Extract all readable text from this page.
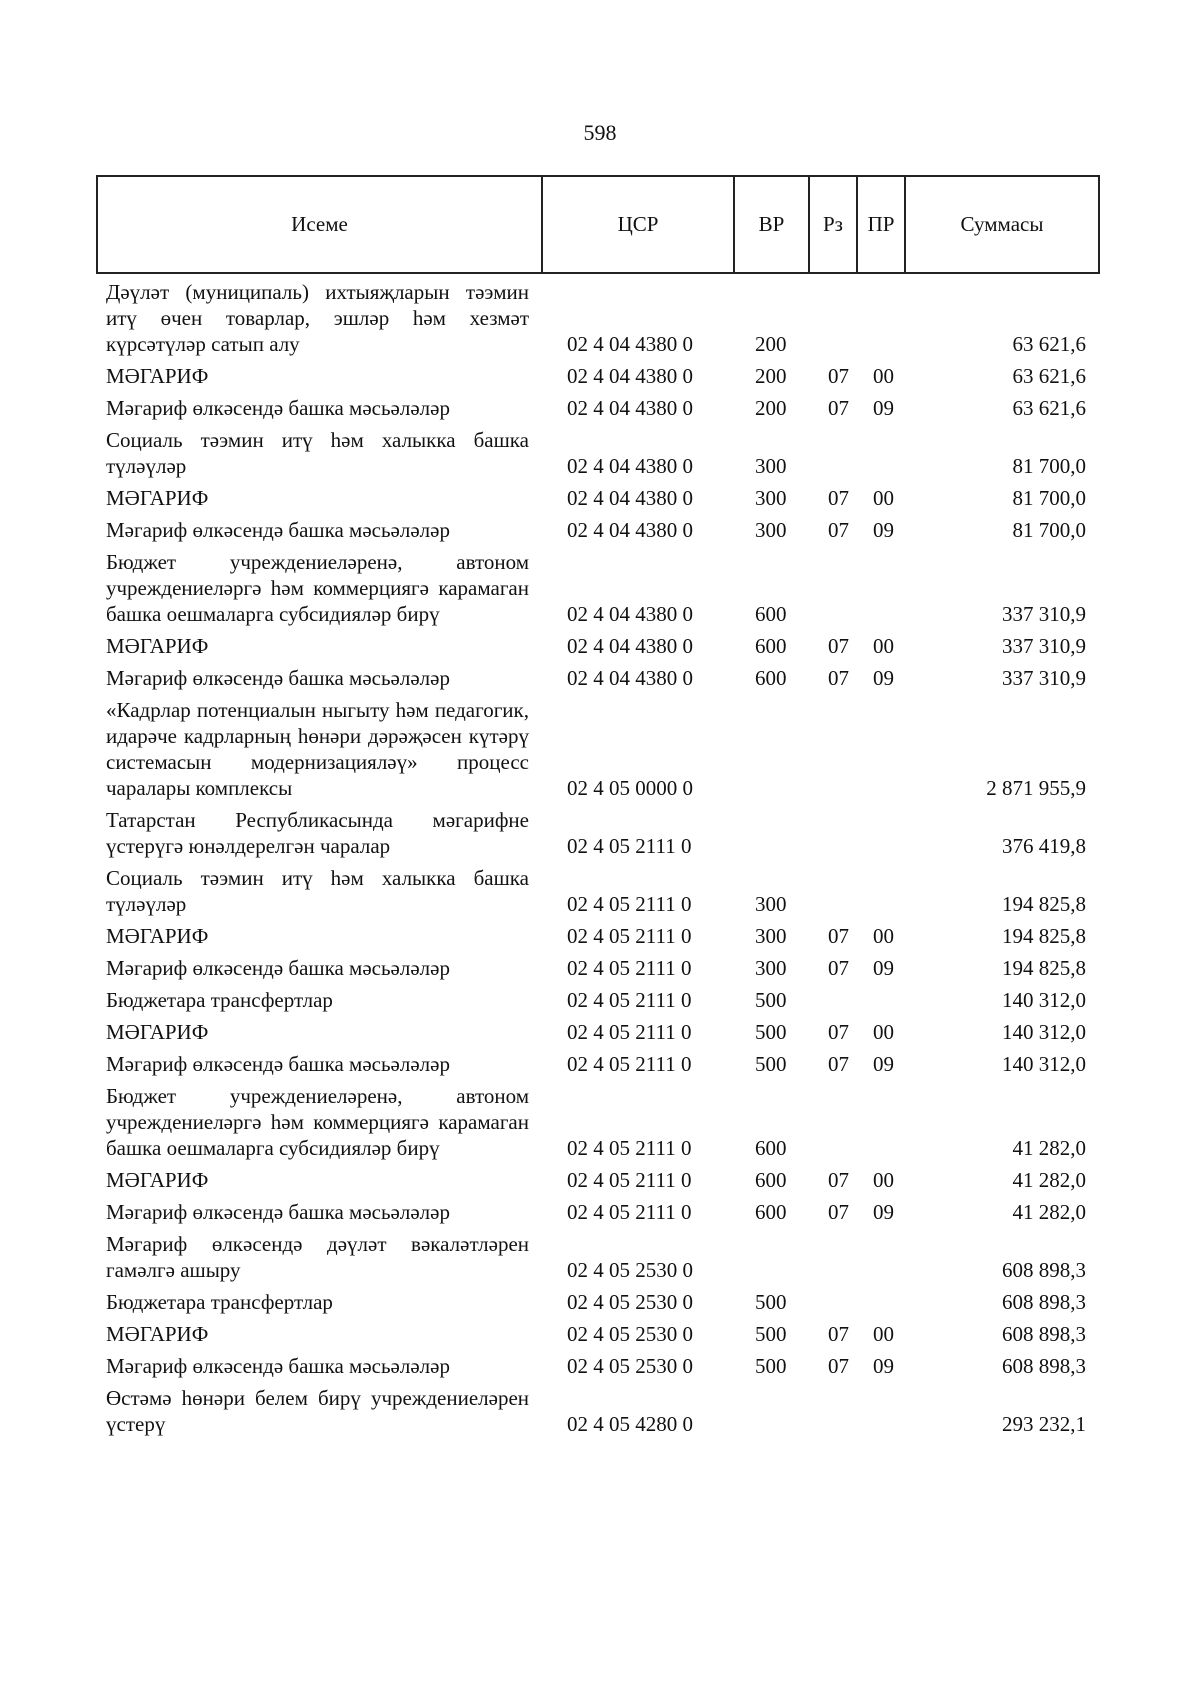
598
Исеме	ЦСР	ВР	Рз	ПР	Суммасы
Дәүләт (муниципаль) ихтыяҗларын тәэмин итү өчен товарлар, эшләр һәм хезмәт күрсәтүләр сатып алу	02 4 04 4380 0	200			63 621,6
МӘГАРИФ	02 4 04 4380 0	200	07	00	63 621,6
Мәгариф өлкәсендә башка мәсьәләләр	02 4 04 4380 0	200	07	09	63 621,6
Социаль тәэмин итү һәм халыкка башка түләүләр	02 4 04 4380 0	300			81 700,0
МӘГАРИФ	02 4 04 4380 0	300	07	00	81 700,0
Мәгариф өлкәсендә башка мәсьәләләр	02 4 04 4380 0	300	07	09	81 700,0
Бюджет учреждениеләренә, автоном учреждениеләргә һәм коммерциягә карамаган башка оешмаларга субсидияләр бирү	02 4 04 4380 0	600			337 310,9
МӘГАРИФ	02 4 04 4380 0	600	07	00	337 310,9
Мәгариф өлкәсендә башка мәсьәләләр	02 4 04 4380 0	600	07	09	337 310,9
«Кадрлар потенциалын ныгыту һәм педагогик, идарәче кадрларның һөнәри дәрәҗәсен күтәрү системасын модернизацияләү» процесс чаралары комплексы	02 4 05 0000 0				2 871 955,9
Татарстан Республикасында мәгарифне үстерүгә юнәлдерелгән чаралар	02 4 05 2111 0				376 419,8
Социаль тәэмин итү һәм халыкка башка түләүләр	02 4 05 2111 0	300			194 825,8
МӘГАРИФ	02 4 05 2111 0	300	07	00	194 825,8
Мәгариф өлкәсендә башка мәсьәләләр	02 4 05 2111 0	300	07	09	194 825,8
Бюджетара трансфертлар	02 4 05 2111 0	500			140 312,0
МӘГАРИФ	02 4 05 2111 0	500	07	00	140 312,0
Мәгариф өлкәсендә башка мәсьәләләр	02 4 05 2111 0	500	07	09	140 312,0
Бюджет учреждениеләренә, автоном учреждениеләргә һәм коммерциягә карамаган башка оешмаларга субсидияләр бирү	02 4 05 2111 0	600			41 282,0
МӘГАРИФ	02 4 05 2111 0	600	07	00	41 282,0
Мәгариф өлкәсендә башка мәсьәләләр	02 4 05 2111 0	600	07	09	41 282,0
Мәгариф өлкәсендә дәүләт вәкаләтләрен гамәлгә ашыру	02 4 05 2530 0				608 898,3
Бюджетара трансфертлар	02 4 05 2530 0	500			608 898,3
МӘГАРИФ	02 4 05 2530 0	500	07	00	608 898,3
Мәгариф өлкәсендә башка мәсьәләләр	02 4 05 2530 0	500	07	09	608 898,3
Өстәмә һөнәри белем бирү учреждениеләрен үстерү	02 4 05 4280 0				293 232,1
